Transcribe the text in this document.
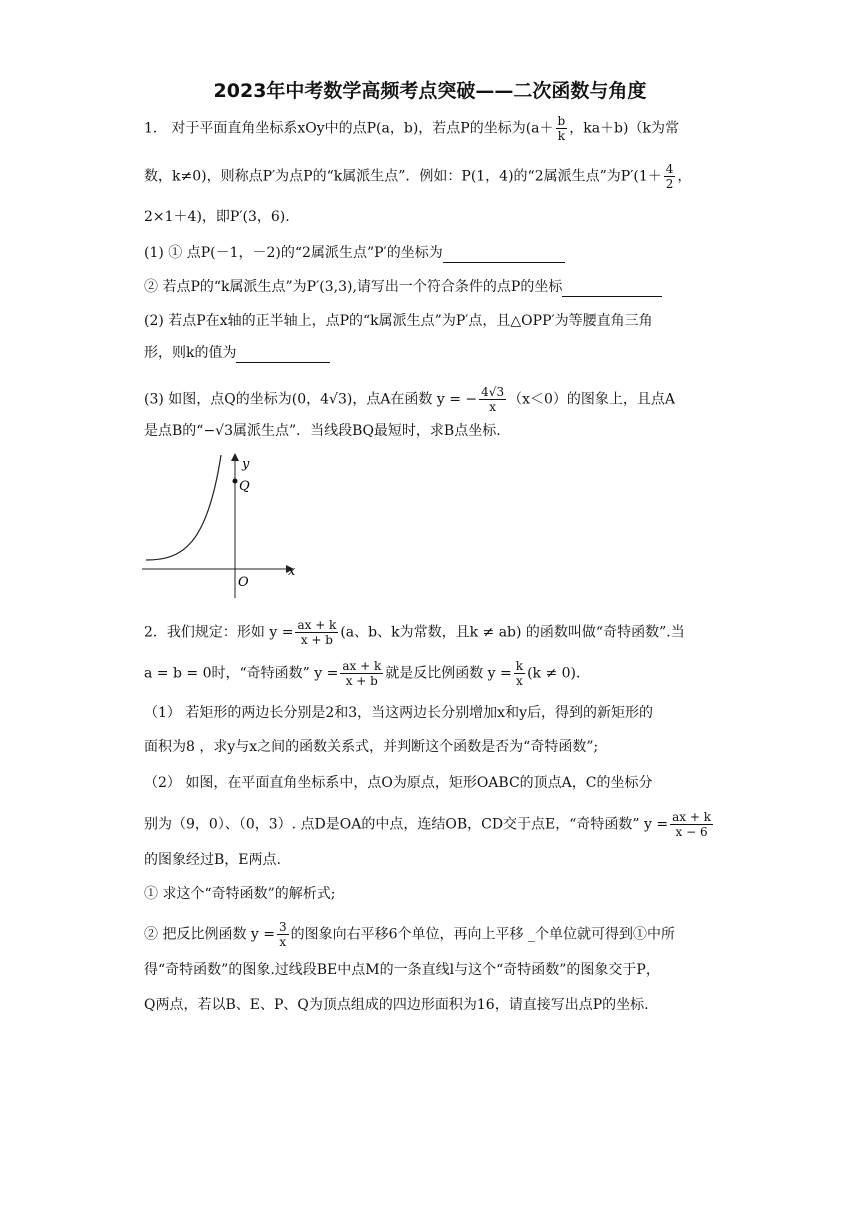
2023年中考数学高频考点突破——二次函数与角度
1． 对于平面直角坐标系xOy中的点P(a，b)，若点P的坐标为($a+ \frac{b}{k}$ ，ka＋b)（k为常
数，k≠0)，则称点P′为点P的“k属派生点”．例如：P(1，4)的“2属派生点”为$P'(1+ \frac{4}{2}$ ，
2×1＋4)，即P′(3，6).
(1) ① 点P(－1，－2)的“2属派生点”P′的坐标为
② 若点P的“k属派生点”为P′(3,3),请写出一个符合条件的点P的坐标
(2) 若点P在x轴的正半轴上，点P的“k属派生点”为P′点，且△OPP′为等腰直角三角
形，则k的值为
(3) 如图，点Q的坐标为(0，4√3)，点A在函数 y = − $\frac{4√3}{x} (x<0)$的图象上，且点A
是点B的“−√3属派生点”．当线段BQ最短时，求B点坐标.
y
x
O
Q
2．我们规定：形如 $y = \frac{ax + k}{x + b} (a$、b、k为常数，且k ≠ ab) 的函数叫做“奇特函数”.当
a = b = 0时，“奇特函数” $y = \frac{ax + k}{x + b}$ 就是反比例函数 $y = \frac{k}{x} (k \ne 0)$.
（1） 若矩形的两边长分别是2和3，当这两边长分别增加x和y后，得到的新矩形的
面积为8 ，求y与x之间的函数关系式，并判断这个函数是否为“奇特函数”;
（2） 如图，在平面直角坐标系中，点O为原点，矩形OABC的顶点A，C的坐标分
别为（9，0）、（0，3）. 点D是OA的中点，连结OB，CD交于点E，“奇特函数” $y = \frac{ax + k}{x - 6}$
的图象经过B，E两点.
① 求这个“奇特函数”的解析式;
② 把反比例函数 $y = \frac{3}{x}$ 的图象向右平移6个单位，再向上平移 _个单位就可得到①中所
得“奇特函数”的图象.过线段BE中点M的一条直线l与这个“奇特函数”的图象交于P，
Q两点，若以B、E、P、Q为顶点组成的四边形面积为16，请直接写出点P的坐标.
